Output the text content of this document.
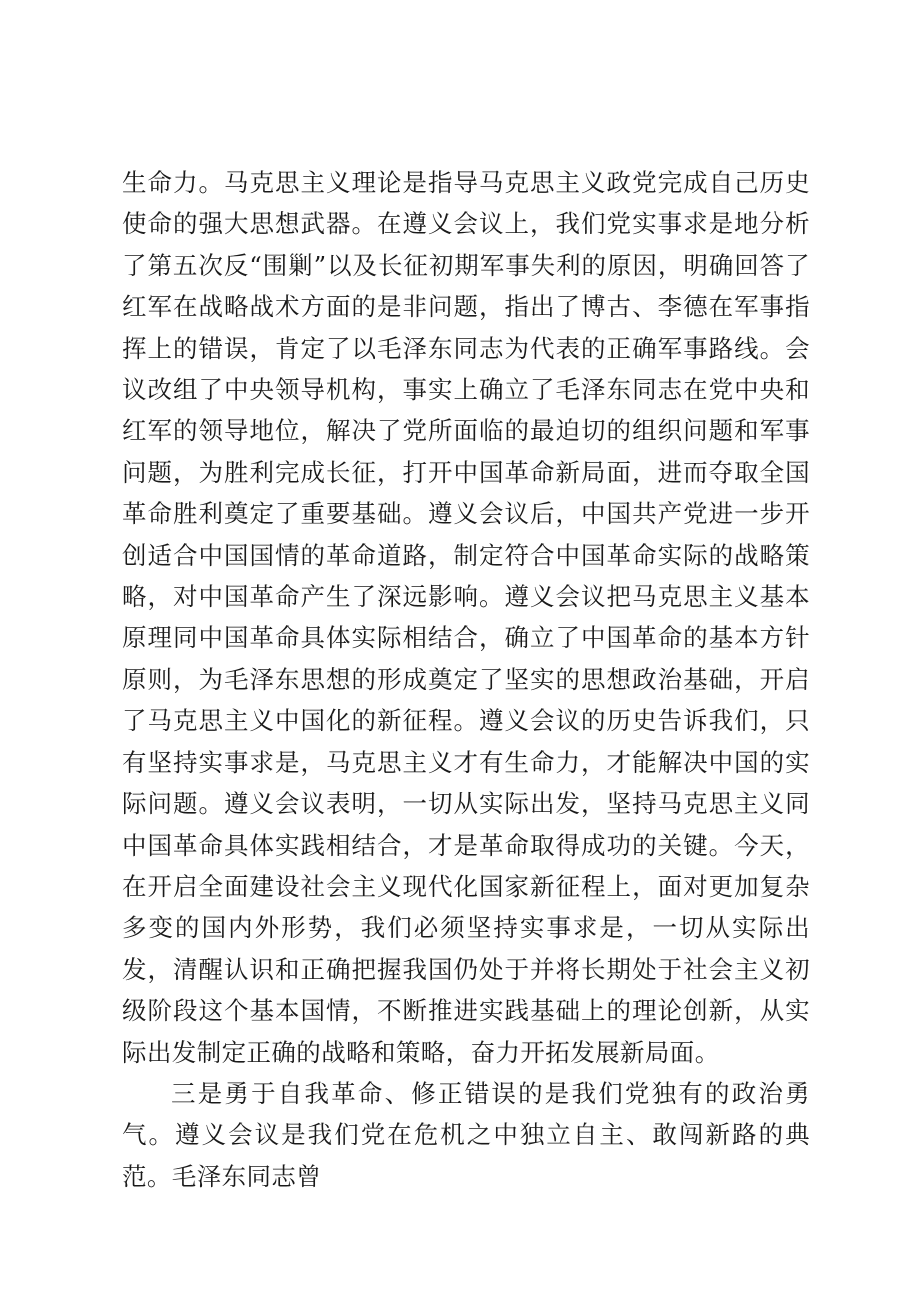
生命力。马克思主义理论是指导马克思主义政党完成自己历史使命的强大思想武器。在遵义会议上，我们党实事求是地分析了第五次反“围剿”以及长征初期军事失利的原因，明确回答了红军在战略战术方面的是非问题，指出了博古、李德在军事指挥上的错误，肯定了以毛泽东同志为代表的正确军事路线。会议改组了中央领导机构，事实上确立了毛泽东同志在党中央和红军的领导地位，解决了党所面临的最迫切的组织问题和军事问题，为胜利完成长征，打开中国革命新局面，进而夺取全国革命胜利奠定了重要基础。遵义会议后，中国共产党进一步开创适合中国国情的革命道路，制定符合中国革命实际的战略策略，对中国革命产生了深远影响。遵义会议把马克思主义基本原理同中国革命具体实际相结合，确立了中国革命的基本方针原则，为毛泽东思想的形成奠定了坚实的思想政治基础，开启了马克思主义中国化的新征程。遵义会议的历史告诉我们，只有坚持实事求是，马克思主义才有生命力，才能解决中国的实际问题。遵义会议表明，一切从实际出发，坚持马克思主义同中国革命具体实践相结合，才是革命取得成功的关键。今天，在开启全面建设社会主义现代化国家新征程上，面对更加复杂多变的国内外形势，我们必须坚持实事求是，一切从实际出发，清醒认识和正确把握我国仍处于并将长期处于社会主义初级阶段这个基本国情，不断推进实践基础上的理论创新，从实际出发制定正确的战略和策略，奋力开拓发展新局面。

三是勇于自我革命、修正错误的是我们党独有的政治勇气。遵义会议是我们党在危机之中独立自主、敢闯新路的典范。毛泽东同志曾
